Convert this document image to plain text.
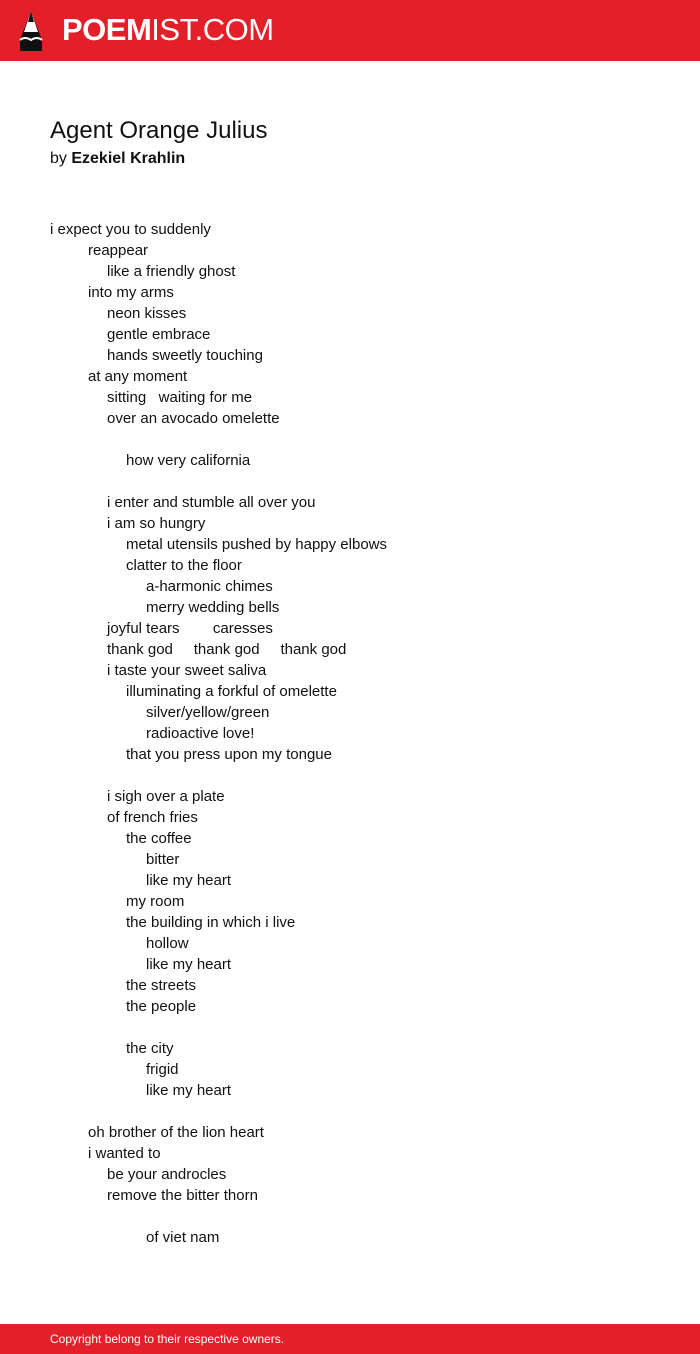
POEMIST.COM
Agent Orange Julius
by Ezekiel Krahlin
i expect you to suddenly
reappear
like a friendly ghost
into my arms
neon kisses
gentle embrace
hands sweetly touching
at any moment
sitting   waiting for me
over an avocado omelette
how very california
i enter and stumble all over you
i am so hungry
metal utensils pushed by happy elbows
clatter to the floor
a-harmonic chimes
merry wedding bells
joyful tears        caresses
thank god     thank god     thank god
i taste your sweet saliva
illuminating a forkful of omelette
silver/yellow/green
radioactive love!
that you press upon my tongue
i sigh over a plate
of french fries
the coffee
bitter
like my heart
my room
the building in which i live
hollow
like my heart
the streets
the people
the city
frigid
like my heart
oh brother of the lion heart
i wanted to
be your androcles
remove the bitter thorn
of viet nam
Copyright belong to their respective owners.
